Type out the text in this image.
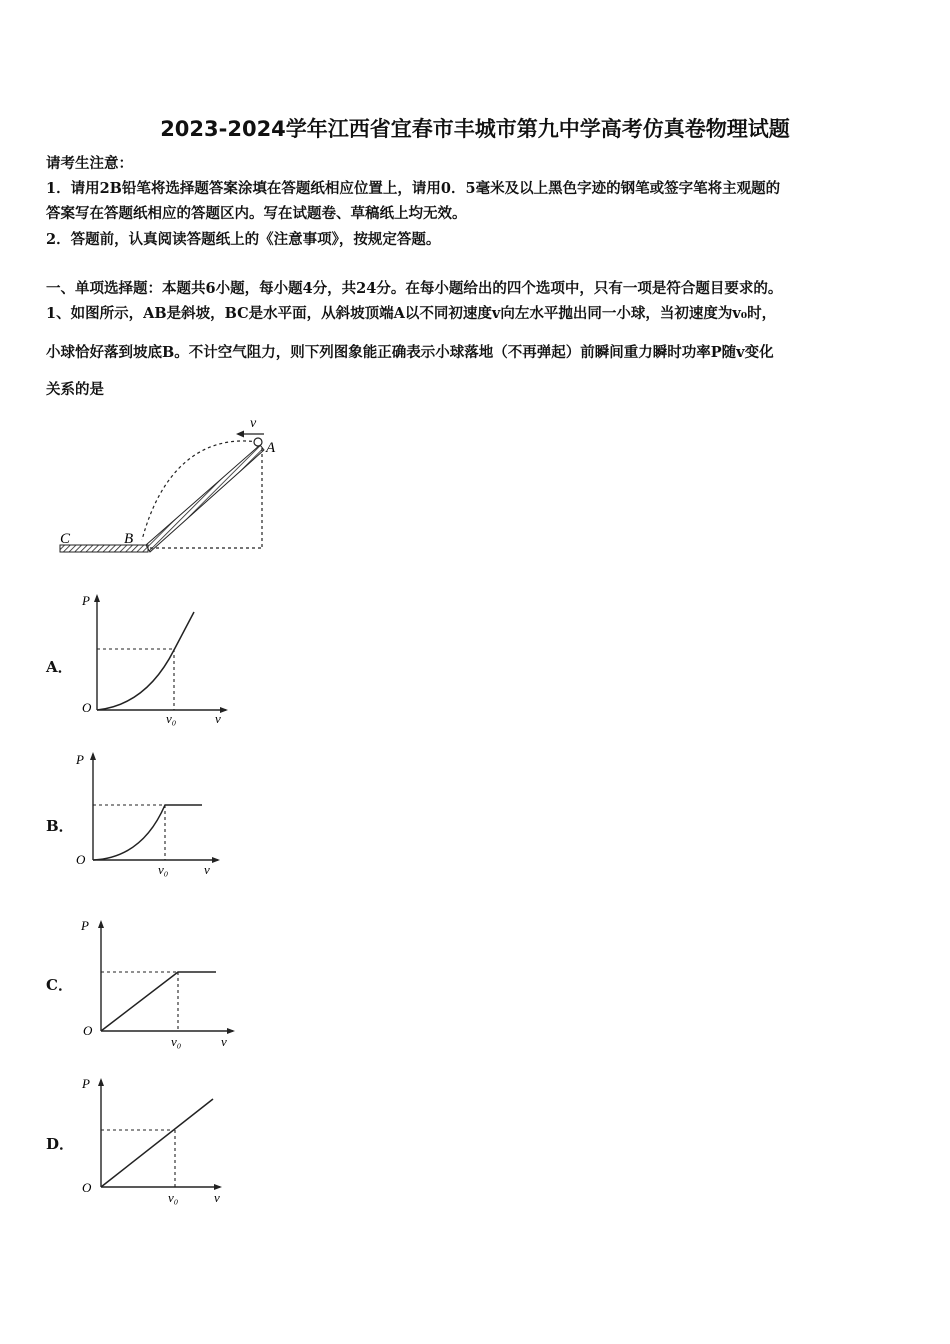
2023-2024学年江西省宜春市丰城市第九中学高考仿真卷物理试题
请考生注意：
1．请用2B铅笔将选择题答案涂填在答题纸相应位置上，请用0．5毫米及以上黑色字迹的钢笔或签字笔将主观题的
答案写在答题纸相应的答题区内。写在试题卷、草稿纸上均无效。
2．答题前，认真阅读答题纸上的《注意事项》，按规定答题。
一、单项选择题：本题共6小题，每小题4分，共24分。在每小题给出的四个选项中，只有一项是符合题目要求的。
1、如图所示，AB是斜坡，BC是水平面，从斜坡顶端A以不同初速度v向左水平抛出同一小球，当初速度为v₀时，
小球恰好落到坡底B。不计空气阻力，则下列图象能正确表示小球落地（不再弹起）前瞬间重力瞬时功率P随v变化
关系的是
v
A
B
C
A．
P
O
v₀	v
B．
P
O
v₀	v
C．
P
O
v₀	v
D．
P
O
v₀	v
